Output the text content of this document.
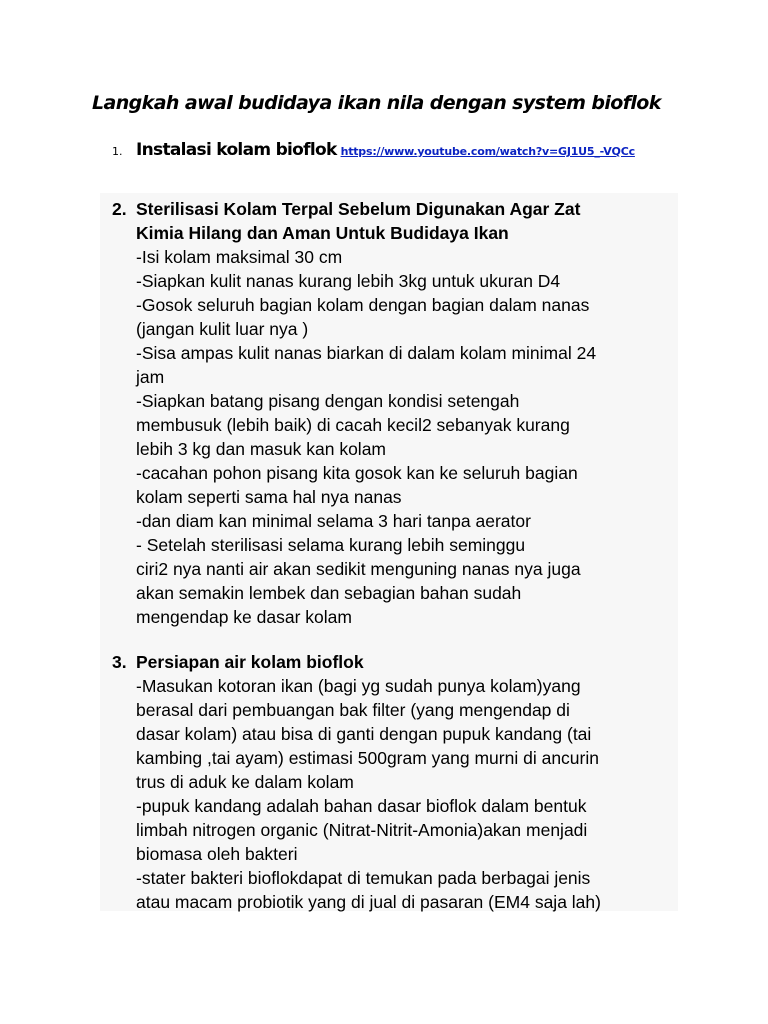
Langkah awal budidaya ikan nila dengan system bioflok
1. Instalasi kolam bioflok https://www.youtube.com/watch?v=GJ1U5_-VQCc
2. Sterilisasi Kolam Terpal Sebelum Digunakan Agar Zat
Kimia Hilang dan Aman Untuk Budidaya Ikan
-Isi kolam maksimal 30 cm
-Siapkan kulit nanas kurang lebih 3kg untuk ukuran D4
-Gosok seluruh bagian kolam dengan bagian dalam nanas
(jangan kulit luar nya )
-Sisa ampas kulit nanas biarkan di dalam kolam minimal 24
jam
-Siapkan batang pisang dengan kondisi setengah
membusuk (lebih baik) di cacah kecil2 sebanyak kurang
lebih 3 kg dan masuk kan kolam
-cacahan pohon pisang kita gosok kan ke seluruh bagian
kolam seperti sama hal nya nanas
-dan diam kan minimal selama 3 hari tanpa aerator
- Setelah sterilisasi selama kurang lebih seminggu
ciri2 nya nanti air akan sedikit menguning nanas nya juga
akan semakin lembek dan sebagian bahan sudah
mengendap ke dasar kolam
3. Persiapan air kolam bioflok
-Masukan kotoran ikan (bagi yg sudah punya kolam)yang
berasal dari pembuangan bak filter (yang mengendap di
dasar kolam) atau bisa di ganti dengan pupuk kandang (tai
kambing ,tai ayam) estimasi 500gram yang murni di ancurin
trus di aduk ke dalam kolam
-pupuk kandang adalah bahan dasar bioflok dalam bentuk
limbah nitrogen organic (Nitrat-Nitrit-Amonia)akan menjadi
biomasa oleh bakteri
-stater bakteri bioflokdapat di temukan pada berbagai jenis
atau macam probiotik yang di jual di pasaran (EM4 saja lah)
